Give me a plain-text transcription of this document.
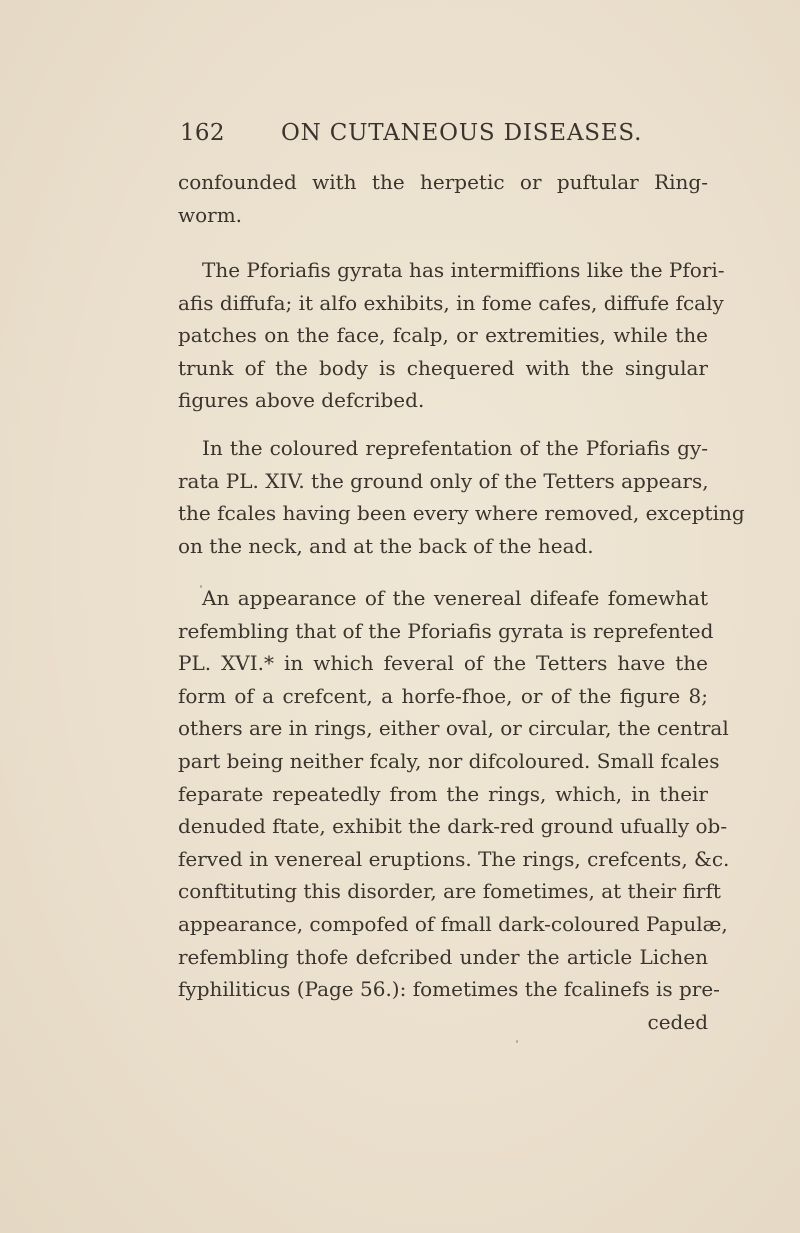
162 ON CUTANEOUS DISEASES.

confounded with the herpetic or puftular Ring-
worm.

The Pforiafis gyrata has intermiffions like the Pfori-
afis diffufa; it alfo exhibits, in fome cafes, diffufe fcaly
patches on the face, fcalp, or extremities, while the
trunk of the body is chequered with the singular
figures above defcribed.

In the coloured reprefentation of the Pforiafis gy-
rata PL. XIV. the ground only of the Tetters appears,
the fcales having been every where removed, excepting
on the neck, and at the back of the head.

An appearance of the venereal difeafe fomewhat
refembling that of the Pforiafis gyrata is reprefented
PL. XVI.* in which feveral of the Tetters have the
form of a crefcent, a horfe-fhoe, or of the figure 8;
others are in rings, either oval, or circular, the central
part being neither fcaly, nor difcoloured. Small fcales
feparate repeatedly from the rings, which, in their
denuded ftate, exhibit the dark-red ground ufually ob-
ferved in venereal eruptions. The rings, crefcents, &c.
conftituting this disorder, are fometimes, at their firft
appearance, compofed of fmall dark-coloured Papulæ,
refembling thofe defcribed under the article Lichen
fyphiliticus (Page 56.): fometimes the fcalinefs is pre-
ceded
